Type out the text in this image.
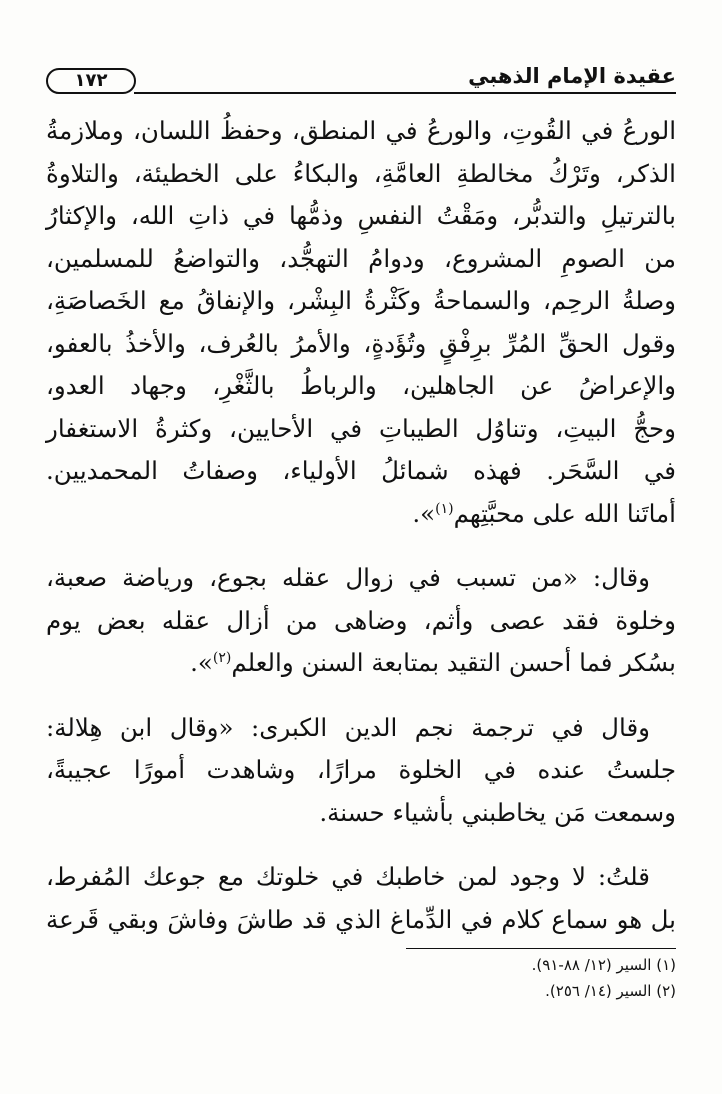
عقيدة الإمام الذهبي
١٧٢
الورعُ في القُوتِ، والورعُ في المنطق، وحفظُ اللسان، وملازمةُ
الذكر، وتَرْكُ مخالطةِ العامَّةِ، والبكاءُ على الخطيئة، والتلاوةُ
بالترتيلِ والتدبُّر، ومَقْتُ النفسِ وذمُّها في ذاتِ الله، والإكثارُ
من الصومِ المشروع، ودوامُ التهجُّد، والتواضعُ للمسلمين،
وصلةُ الرحِم، والسماحةُ وكَثْرةُ البِشْر، والإنفاقُ مع الخَصاصَةِ،
وقول الحقِّ المُرِّ برِفْقٍ وتُؤَدةٍ، والأمرُ بالعُرف، والأخذُ بالعفو،
والإعراضُ عن الجاهلين، والرباطُ بالثَّغْرِ، وجهاد العدو،
وحجُّ البيتِ، وتناوُل الطيباتِ في الأحايين، وكثرةُ الاستغفار
في السَّحَر. فهذه شمائلُ الأولياء، وصفاتُ المحمديين.
أماتَنا الله على محبَّتِهم$^{(١)}$».
وقال: «من تسبب في زوال عقله بجوع، ورياضة صعبة،
وخلوة فقد عصى وأثم، وضاهى من أزال عقله بعض يوم
بسُكر فما أحسن التقيد بمتابعة السنن والعلم$^{(٢)}$».
وقال في ترجمة نجم الدين الكبرى: «وقال ابن هِلالة:
جلستُ عنده في الخلوة مرارًا، وشاهدت أمورًا عجيبةً،
وسمعت مَن يخاطبني بأشياء حسنة.
قلتُ: لا وجود لمن خاطبك في خلوتك مع جوعك المُفرط،
بل هو سماع كلام في الدِّماغ الذي قد طاشَ وفاشَ وبقي قَرعة
(١) السير (١٢/ ٨٨-٩١).
(٢) السير (١٤/ ٢٥٦).
